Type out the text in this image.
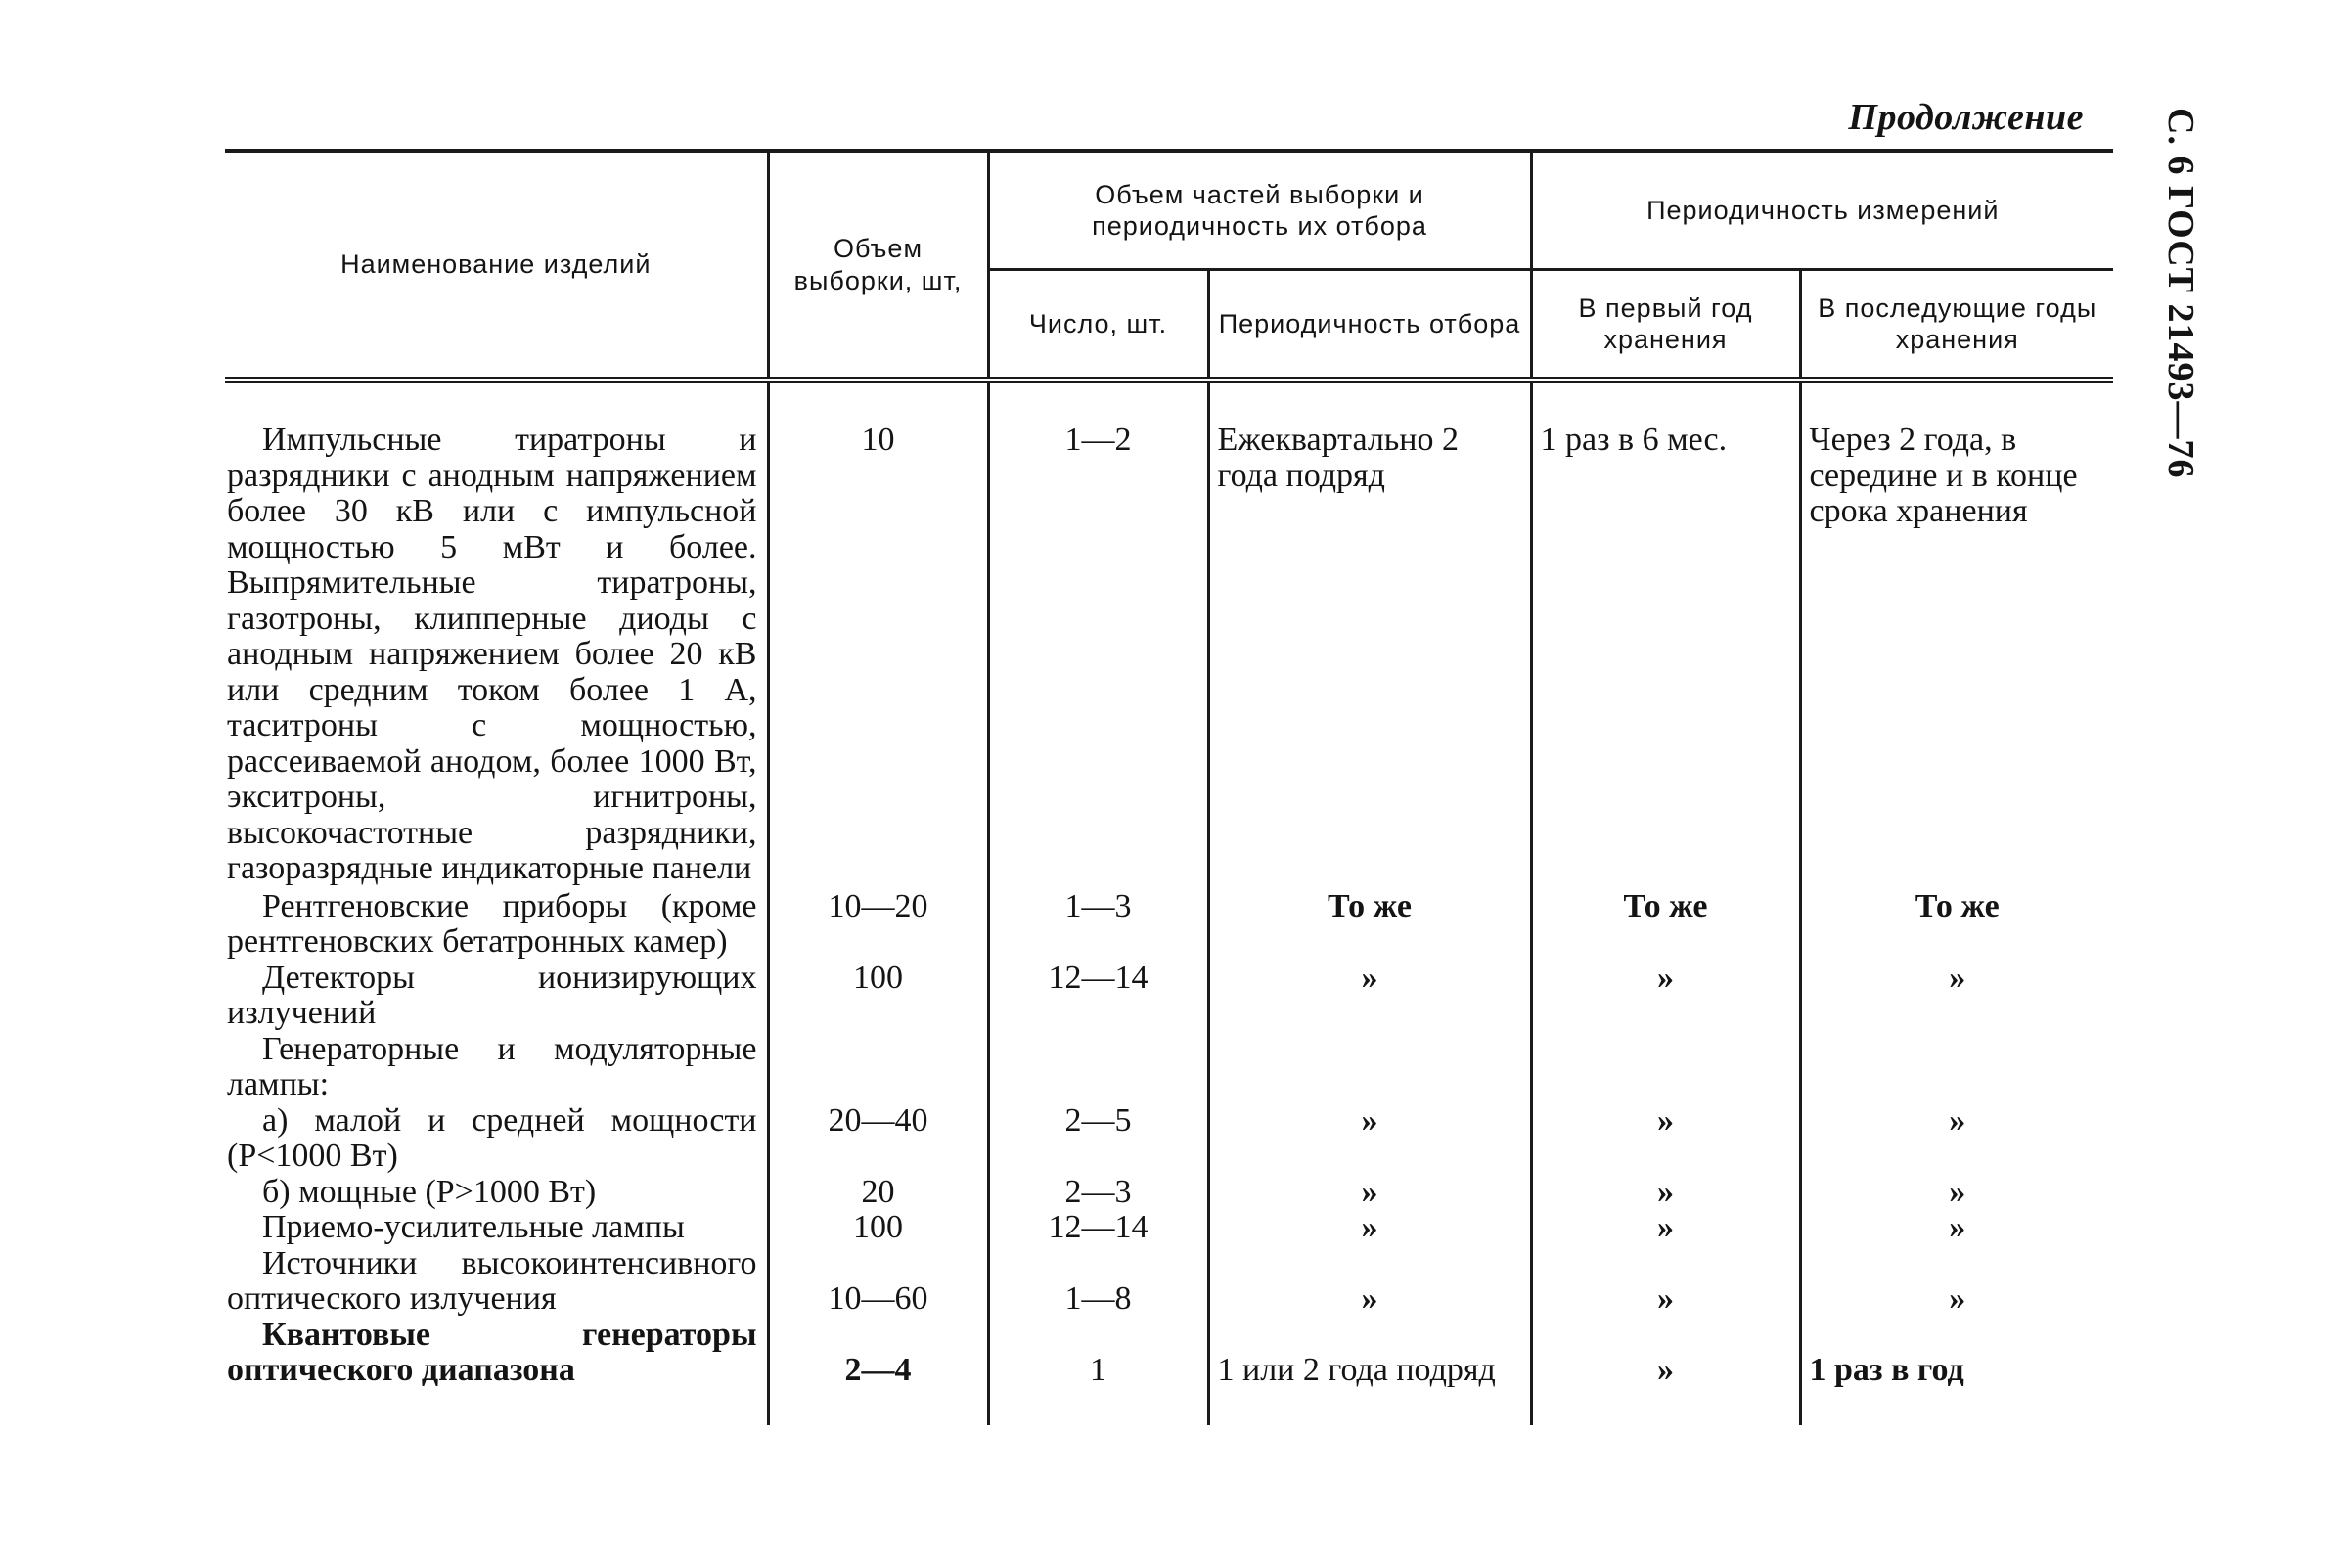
Продолжение С. 6 ГОСТ 21493—76
Наименование изделий	Объем выборки, шт,	Объем частей выборки и периодичность их отбора		Периодичность измерений	
		Число, шт.	Периодичность отбора	В первый год хранения	В последующие годы хранения
Импульсные тиратроны и разрядники с анодным напряжением более 30 кВ или с импульсной мощностью 5 мВт и более. Выпрямительные тиратроны, газотроны, клипперные диоды с анодным напряжением более 20 кВ или средним током более 1 А, таситроны с мощностью, рассеиваемой анодом, более 1000 Вт, экситроны, игнитроны, высокочастотные разрядники, газоразрядные индикаторные панели	10	1—2	Ежеквартально 2 года подряд	1 раз в 6 мес.	Через 2 года, в середине и в конце срока хранения
Рентгеновские приборы (кроме рентгеновских бетатронных камер)	10—20	1—3	То же	То же	То же
Детекторы ионизирующих излучений	100	12—14	»	»	»
Генераторные и модуляторные лампы:
а) малой и средней мощности (P<1000 Вт)	20—40	2—5	»	»	»
б) мощные (P>1000 Вт)	20	2—3	»	»	»
Приемо-усилительные лампы	100	12—14	»	»	»
Источники высокоинтенсивного оптического излучения	10—60	1—8	»	»	»
Квантовые генераторы оптического диапазона	2—4	1	1 или 2 года подряд	»	1 раз в год
